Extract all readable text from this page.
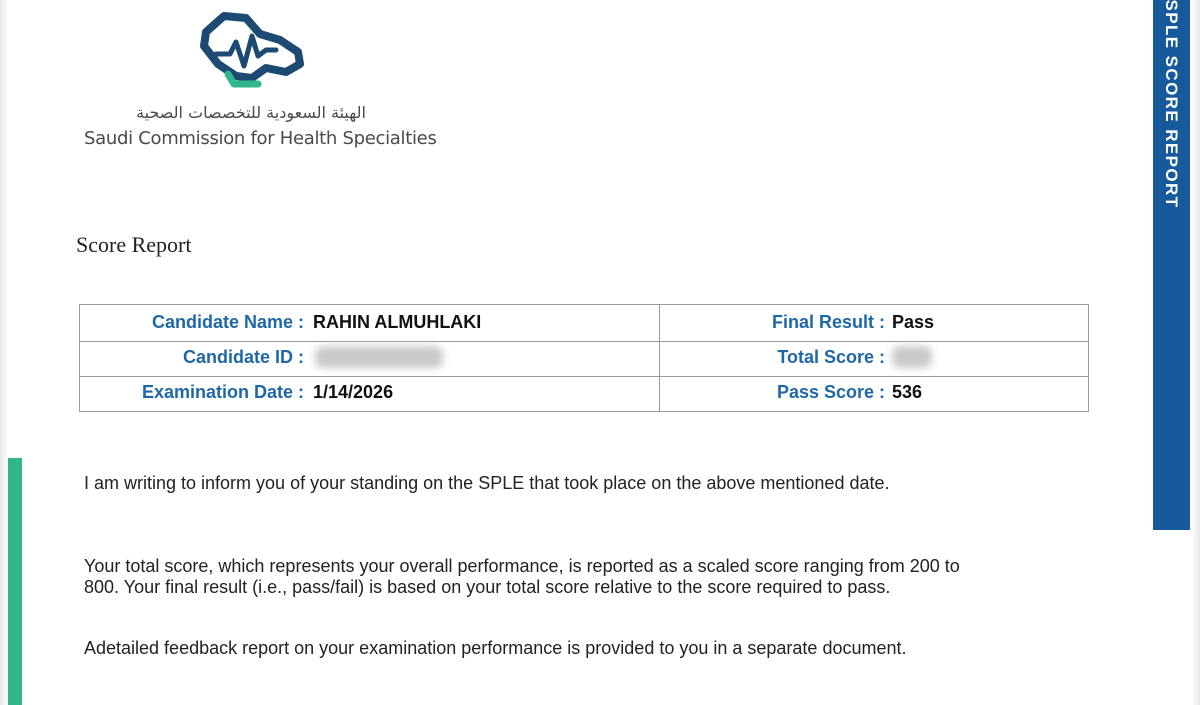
SPLE SCORE REPORT
الهيئة السعودية للتخصصات الصحية
Saudi Commission for Health Specialties
Score Report
Candidate Name : RAHIN ALMUHLAKI	Final Result : Pass
Candidate ID :	Total Score :
Examination Date : 1/14/2026	Pass Score : 536
I am writing to inform you of your standing on the SPLE that took place on the above mentioned date.
Your total score, which represents your overall performance, is reported as a scaled score ranging from 200 to
800. Your final result (i.e., pass/fail) is based on your total score relative to the score required to pass.
Adetailed feedback report on your examination performance is provided to you in a separate document.
